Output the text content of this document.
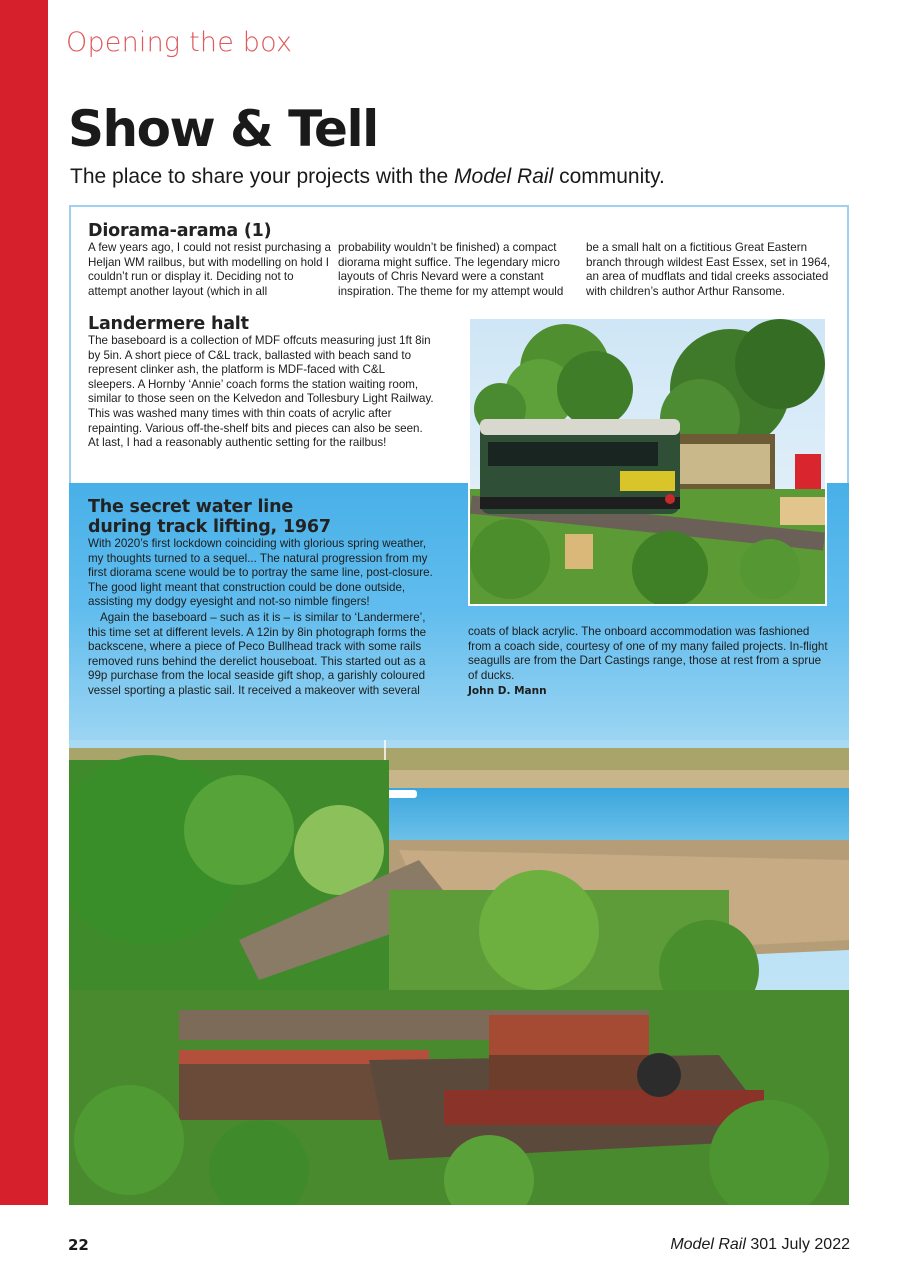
Opening the box

Show & Tell

The place to share your projects with the Model Rail community.

Diorama-arama (1)

A few years ago, I could not resist purchasing a Heljan WM railbus, but with modelling on hold I couldn’t run or display it. Deciding not to attempt another layout (which in all

probability wouldn’t be finished) a compact diorama might suffice. The legendary micro layouts of Chris Nevard were a constant inspiration. The theme for my attempt would

be a small halt on a fictitious Great Eastern branch through wildest East Essex, set in 1964, an area of mudflats and tidal creeks associated with children’s author Arthur Ransome.

Landermere halt

The baseboard is a collection of MDF offcuts measuring just 1ft 8in by 5in. A short piece of C&L track, ballasted with beach sand to represent clinker ash, the platform is MDF-faced with C&L sleepers. A Hornby ‘Annie’ coach forms the station waiting room, similar to those seen on the Kelvedon and Tollesbury Light Railway. This was washed many times with thin coats of acrylic after repainting. Various off-the-shelf bits and pieces can also be seen. At last, I had a reasonably authentic setting for the railbus!

The secret water line
during track lifting, 1967

With 2020’s first lockdown coinciding with glorious spring weather, my thoughts turned to a sequel... The natural progression from my first diorama scene would be to portray the same line, post-closure. The good light meant that construction could be done outside, assisting my dodgy eyesight and not-so nimble fingers!

Again the baseboard – such as it is – is similar to ‘Landermere’, this time set at different levels. A 12in by 8in photograph forms the backscene, where a piece of Peco Bullhead track with some rails removed runs behind the derelict houseboat. This started out as a 99p purchase from the local seaside gift shop, a garishly coloured vessel sporting a plastic sail. It received a makeover with several

coats of black acrylic. The onboard accommodation was fashioned from a coach side, courtesy of one of my many failed projects. In-flight seagulls are from the Dart Castings range, those at rest from a sprue of ducks.

John D. Mann

22	Model Rail 301 July 2022
